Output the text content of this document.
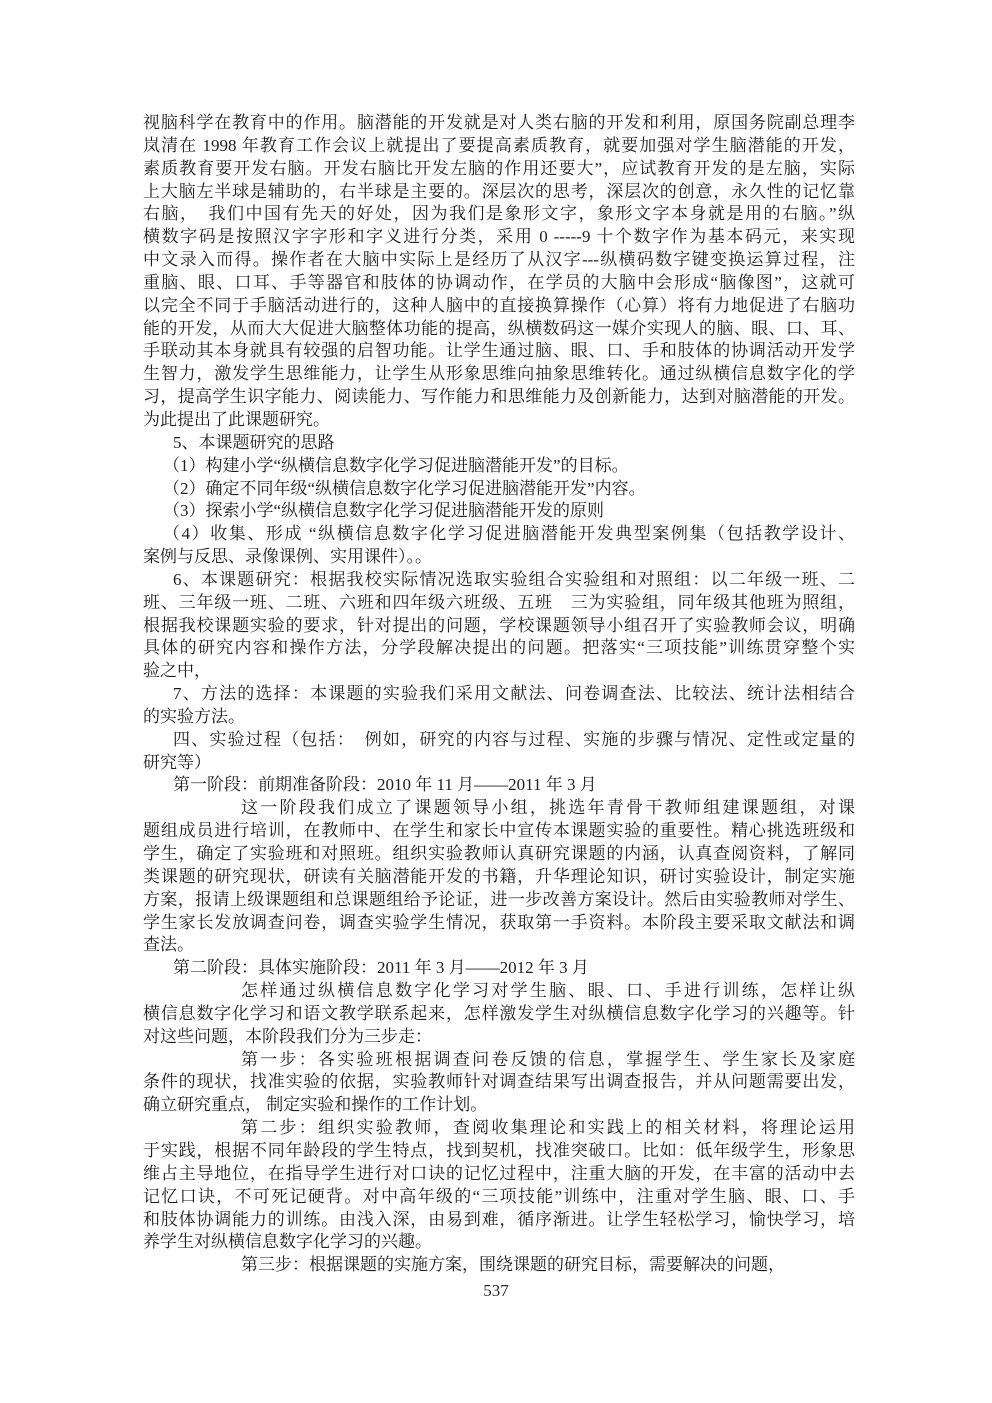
视脑科学在教育中的作用。脑潜能的开发就是对人类右脑的开发和利用，原国务院副总理李
岚清在 1998 年教育工作会议上就提出了要提高素质教育，就要加强对学生脑潜能的开发，
素质教育要开发右脑。开发右脑比开发左脑的作用还要大”，应试教育开发的是左脑，实际
上大脑左半球是辅助的，右半球是主要的。深层次的思考，深层次的创意，永久性的记忆靠
右脑，　我们中国有先天的好处，因为我们是象形文字，象形文字本身就是用的右脑。”纵
横数字码是按照汉字字形和字义进行分类，采用 0 -----9 十个数字作为基本码元，来实现
中文录入而得。操作者在大脑中实际上是经历了从汉字---纵横码数字键变换运算过程，注
重脑、眼、口耳、手等器官和肢体的协调动作，在学员的大脑中会形成“脑像图”，这就可
以完全不同于手脑活动进行的，这种人脑中的直接换算操作（心算）将有力地促进了右脑功
能的开发，从而大大促进大脑整体功能的提高，纵横数码这一媒介实现人的脑、眼、口、耳、
手联动其本身就具有较强的启智功能。让学生通过脑、眼、口、手和肢体的协调活动开发学
生智力，激发学生思维能力，让学生从形象思维向抽象思维转化。通过纵横信息数字化的学
习，提高学生识字能力、阅读能力、写作能力和思维能力及创新能力，达到对脑潜能的开发。
为此提出了此课题研究。
5、本课题研究的思路
（1）构建小学“纵横信息数字化学习促进脑潜能开发”的目标。
（2）确定不同年级“纵横信息数字化学习促进脑潜能开发”内容。
（3）探索小学“纵横信息数字化学习促进脑潜能开发的原则
（4）收集、形成 “纵横信息数字化学习促进脑潜能开发典型案例集（包括教学设计、
案例与反思、录像课例、实用课件）。。
6、本课题研究：根据我校实际情况选取实验组合实验组和对照组：以二年级一班、二
班、三年级一班、二班、六班和四年级六班级、五班　三为实验组，同年级其他班为照组，
根据我校课题实验的要求，针对提出的问题，学校课题领导小组召开了实验教师会议，明确
具体的研究内容和操作方法，分学段解决提出的问题。把落实“三项技能”训练贯穿整个实
验之中，
7、方法的选择：本课题的实验我们采用文献法、问卷调查法、比较法、统计法相结合
的实验方法。
四、实验过程（包括：　例如，研究的内容与过程、实施的步骤与情况、定性或定量的
研究等）
第一阶段：前期准备阶段：2010 年 11 月——2011 年 3 月
这一阶段我们成立了课题领导小组，挑选年青骨干教师组建课题组，对课
题组成员进行培训，在教师中、在学生和家长中宣传本课题实验的重要性。精心挑选班级和
学生，确定了实验班和对照班。组织实验教师认真研究课题的内涵，认真查阅资料，了解同
类课题的研究现状，研读有关脑潜能开发的书籍，升华理论知识，研讨实验设计，制定实施
方案，报请上级课题组和总课题组给予论证，进一步改善方案设计。然后由实验教师对学生、
学生家长发放调查问卷，调查实验学生情况，获取第一手资料。本阶段主要采取文献法和调
查法。
第二阶段：具体实施阶段：2011 年 3 月——2012 年 3 月
怎样通过纵横信息数字化学习对学生脑、眼、口、手进行训练，怎样让纵
横信息数字化学习和语文教学联系起来，怎样激发学生对纵横信息数字化学习的兴趣等。针
对这些问题，本阶段我们分为三步走：
第一步：各实验班根据调查问卷反馈的信息，掌握学生、学生家长及家庭
条件的现状，找准实验的依据，实验教师针对调查结果写出调查报告，并从问题需要出发，
确立研究重点， 制定实验和操作的工作计划。
第二步：组织实验教师，查阅收集理论和实践上的相关材料，将理论运用
于实践，根据不同年龄段的学生特点，找到契机，找准突破口。比如：低年级学生，形象思
维占主导地位，在指导学生进行对口诀的记忆过程中，注重大脑的开发，在丰富的活动中去
记忆口诀，不可死记硬背。对中高年级的“三项技能”训练中，注重对学生脑、眼、口、手
和肢体协调能力的训练。由浅入深，由易到难，循序渐进。让学生轻松学习，愉快学习，培
养学生对纵横信息数字化学习的兴趣。
第三步：根据课题的实施方案，围绕课题的研究目标，需要解决的问题，
537
